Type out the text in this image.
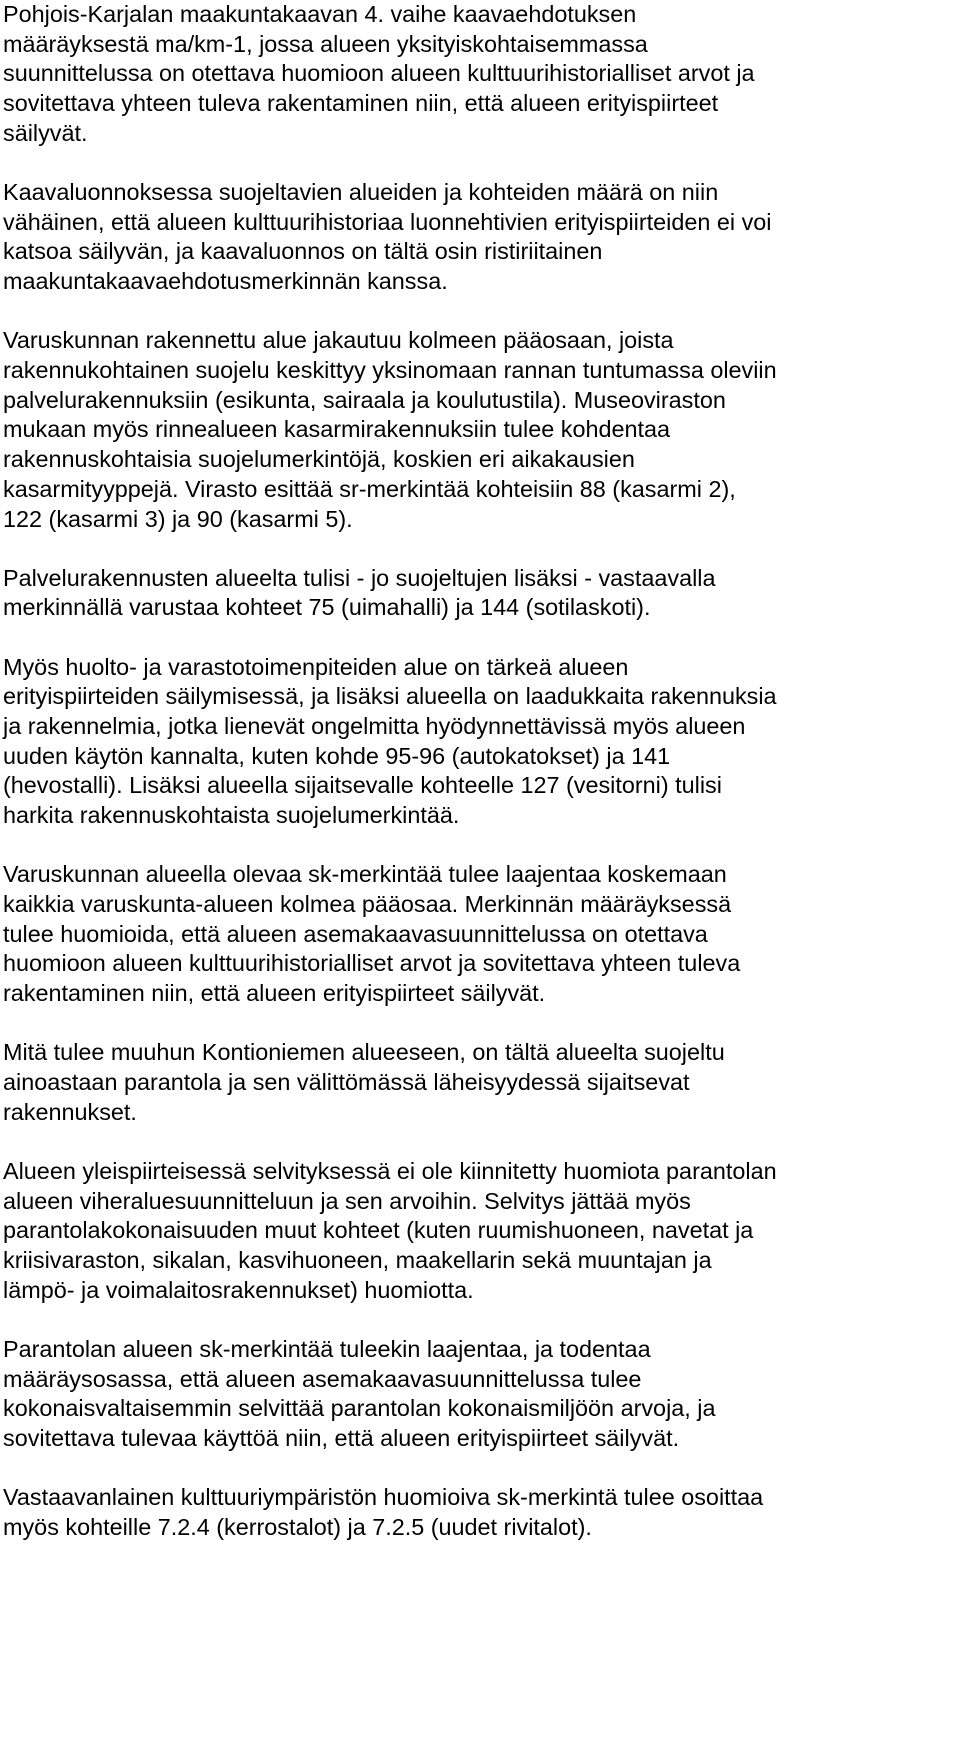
Pohjois-Karjalan maakuntakaavan 4. vaihe kaavaehdotuksen
määräyksestä ma/km-1, jossa alueen yksityiskohtaisemmassa
suunnittelussa on otettava huomioon alueen kulttuurihistorialliset arvot ja
sovitettava yhteen tuleva rakentaminen niin, että alueen erityispiirteet
säilyvät.

Kaavaluonnoksessa suojeltavien alueiden ja kohteiden määrä on niin
vähäinen, että alueen kulttuurihistoriaa luonnehtivien erityispiirteiden ei voi
katsoa säilyvän, ja kaavaluonnos on tältä osin ristiriitainen
maakuntakaavaehdotusmerkinnän kanssa.

Varuskunnan rakennettu alue jakautuu kolmeen pääosaan, joista
rakennukohtainen suojelu keskittyy yksinomaan rannan tuntumassa oleviin
palvelurakennuksiin (esikunta, sairaala ja koulutustila). Museoviraston
mukaan myös rinnealueen kasarmirakennuksiin tulee kohdentaa
rakennuskohtaisia suojelumerkintöjä, koskien eri aikakausien
kasarmityyppejä. Virasto esittää sr-merkintää kohteisiin 88 (kasarmi 2),
122 (kasarmi 3) ja 90 (kasarmi 5).

Palvelurakennusten alueelta tulisi - jo suojeltujen lisäksi - vastaavalla
merkinnällä varustaa kohteet 75 (uimahalli) ja 144 (sotilaskoti).

Myös huolto- ja varastotoimenpiteiden alue on tärkeä alueen
erityispiirteiden säilymisessä, ja lisäksi alueella on laadukkaita rakennuksia
ja rakennelmia, jotka lienevät ongelmitta hyödynnettävissä myös alueen
uuden käytön kannalta, kuten kohde 95-96 (autokatokset) ja 141
(hevostalli). Lisäksi alueella sijaitsevalle kohteelle 127 (vesitorni) tulisi
harkita rakennuskohtaista suojelumerkintää.

Varuskunnan alueella olevaa sk-merkintää tulee laajentaa koskemaan
kaikkia varuskunta-alueen kolmea pääosaa. Merkinnän määräyksessä
tulee huomioida, että alueen asemakaavasuunnittelussa on otettava
huomioon alueen kulttuurihistorialliset arvot ja sovitettava yhteen tuleva
rakentaminen niin, että alueen erityispiirteet säilyvät.

Mitä tulee muuhun Kontioniemen alueeseen, on tältä alueelta suojeltu
ainoastaan parantola ja sen välittömässä läheisyydessä sijaitsevat
rakennukset.

Alueen yleispiirteisessä selvityksessä ei ole kiinnitetty huomiota parantolan
alueen viheraluesuunnitteluun ja sen arvoihin. Selvitys jättää myös
parantolakokonaisuuden muut kohteet (kuten ruumishuoneen, navetat ja
kriisivaraston, sikalan, kasvihuoneen, maakellarin sekä muuntajan ja
lämpö- ja voimalaitosrakennukset) huomiotta.

Parantolan alueen sk-merkintää tuleekin laajentaa, ja todentaa
määräysosassa, että alueen asemakaavasuunnittelussa tulee
kokonaisvaltaisemmin selvittää parantolan kokonaismiljöön arvoja, ja
sovitettava tulevaa käyttöä niin, että alueen erityispiirteet säilyvät.

Vastaavanlainen kulttuuriympäristön huomioiva sk-merkintä tulee osoittaa
myös kohteille 7.2.4 (kerrostalot) ja 7.2.5 (uudet rivitalot).
